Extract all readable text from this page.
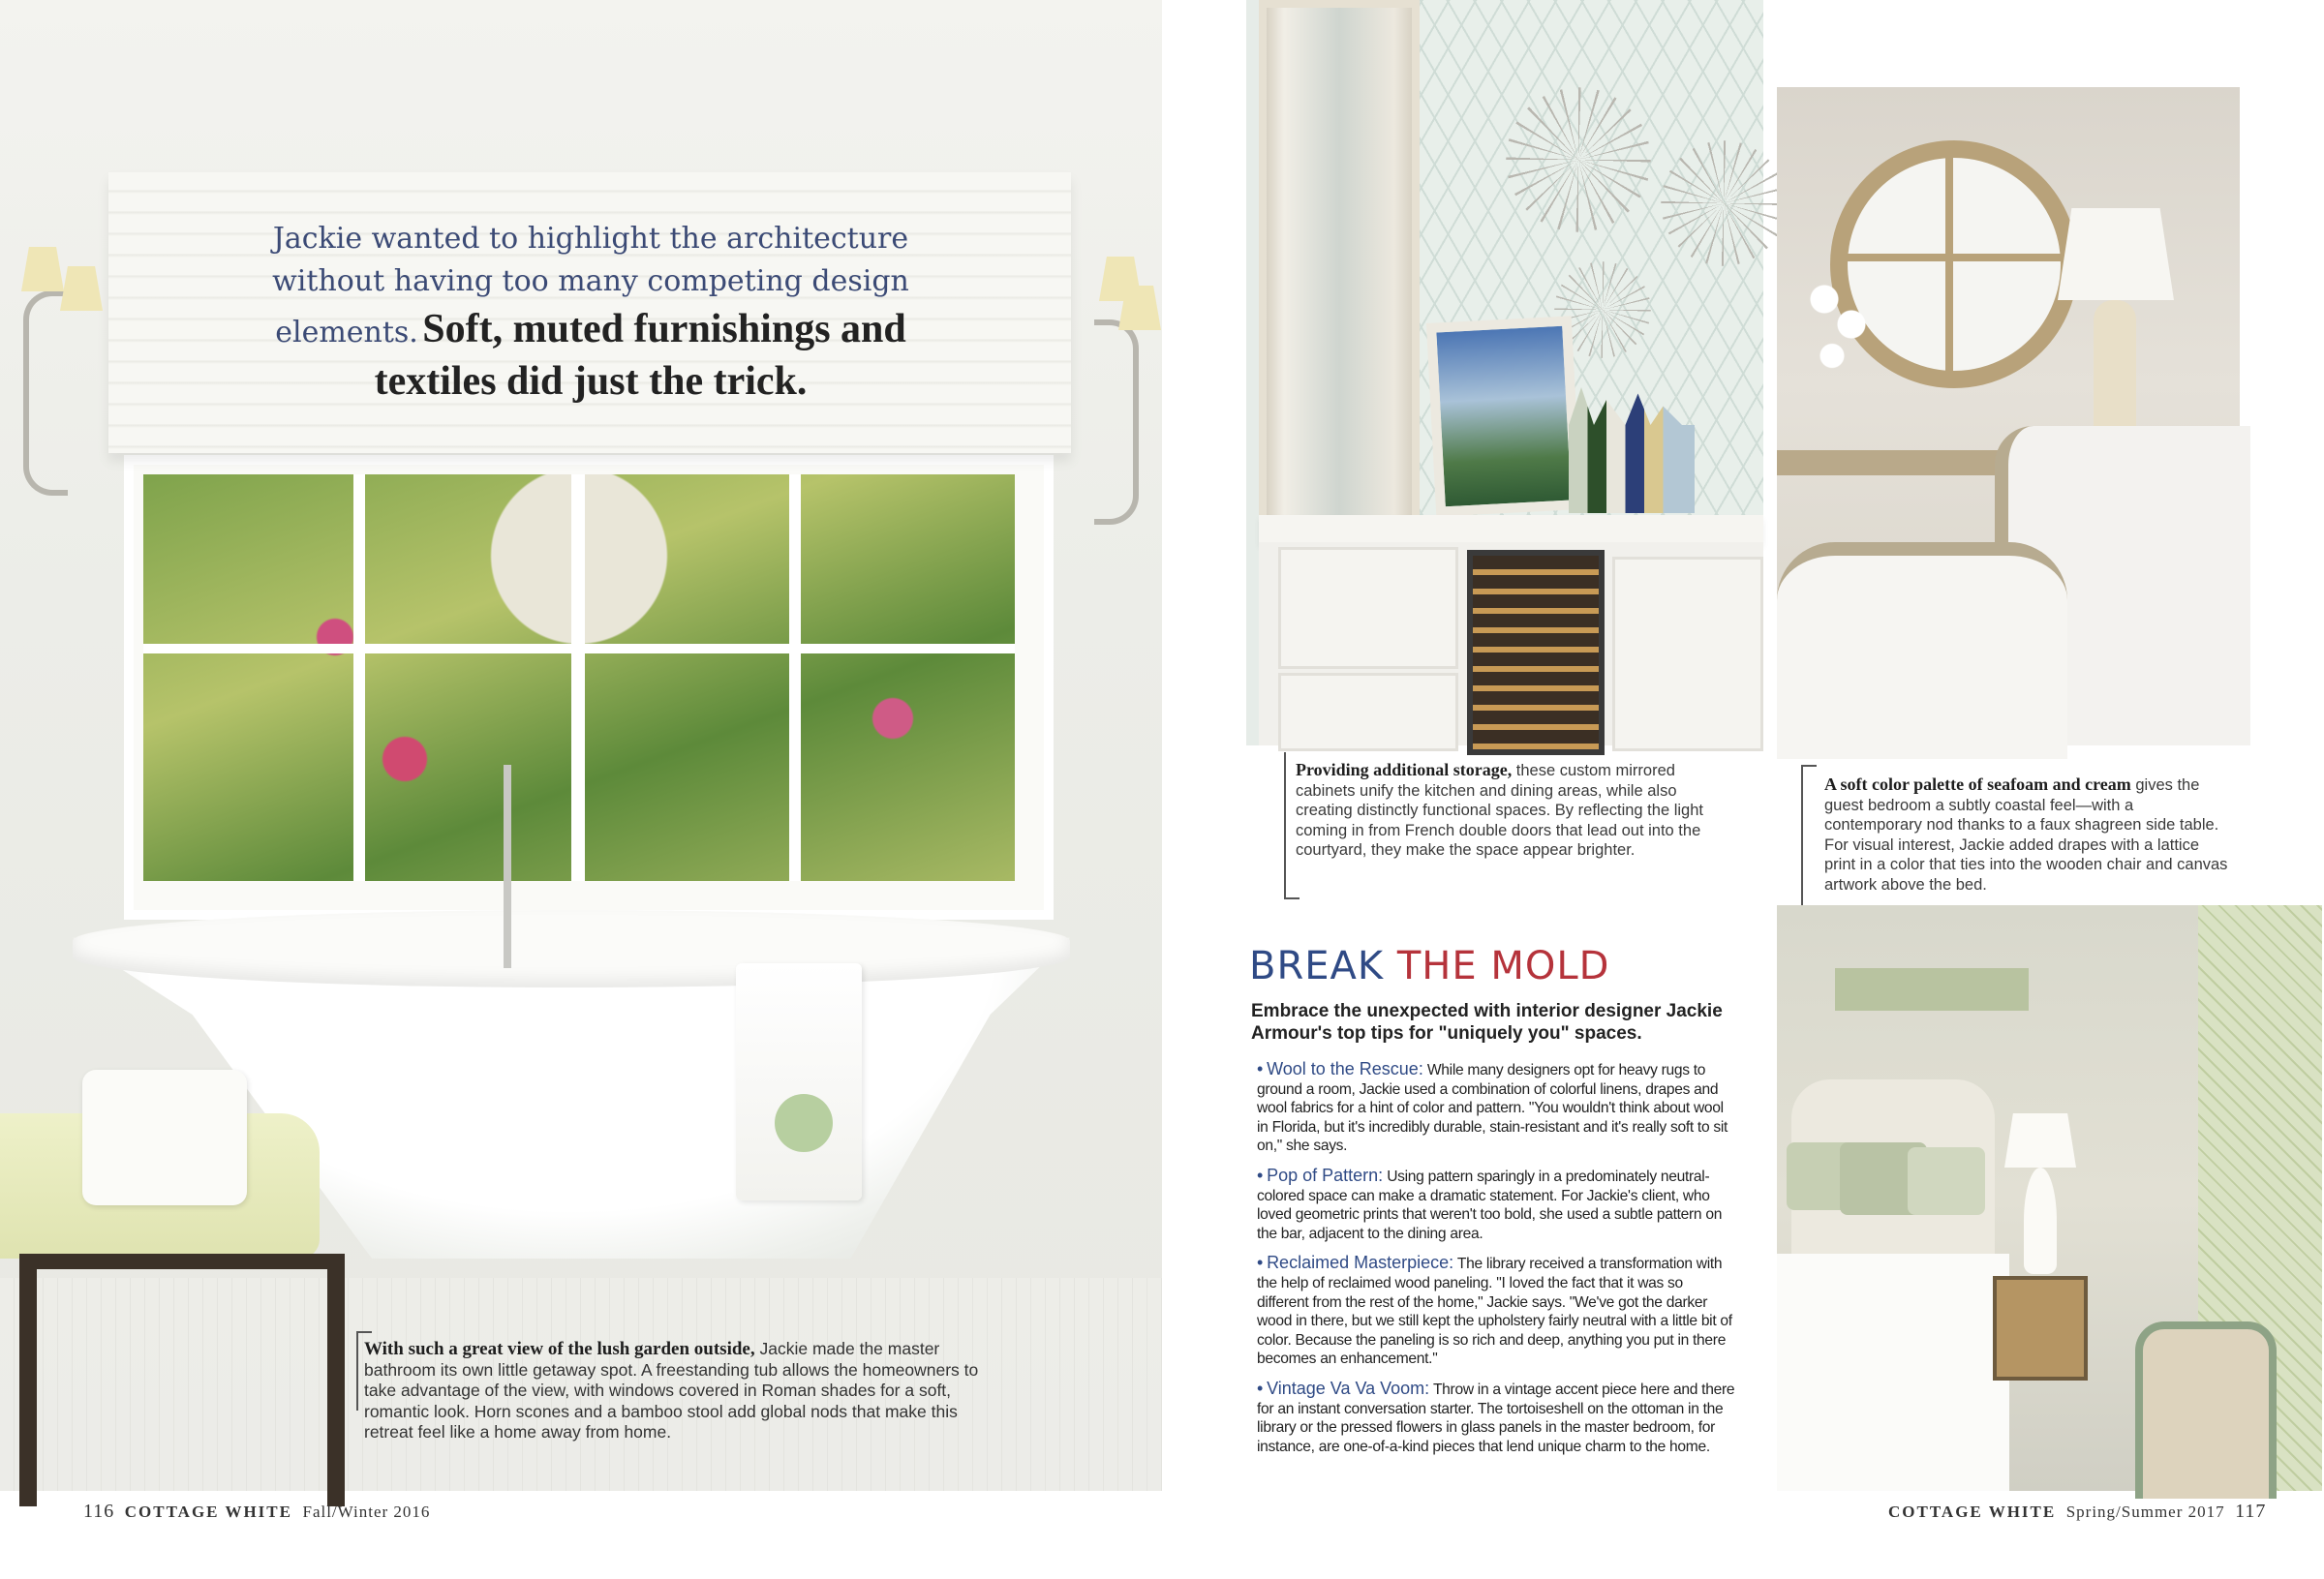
Jackie wanted to highlight the architecture without having too many competing design elements. Soft, muted furnishings and textiles did just the trick.
With such a great view of the lush garden outside, Jackie made the master bathroom its own little getaway spot. A freestanding tub allows the homeowners to take advantage of the view, with windows covered in Roman shades for a soft, romantic look. Horn scones and a bamboo stool add global nods that make this retreat feel like a home away from home.
116 COTTAGE WHITE Fall/Winter 2016
Providing additional storage, these custom mirrored cabinets unify the kitchen and dining areas, while also creating distinctly functional spaces. By reflecting the light coming in from French double doors that lead out into the courtyard, they make the space appear brighter.
A soft color palette of seafoam and cream gives the guest bedroom a subtly coastal feel—with a contemporary nod thanks to a faux shagreen side table. For visual interest, Jackie added drapes with a lattice print in a color that ties into the wooden chair and canvas artwork above the bed.
BREAK THE MOLD
Embrace the unexpected with interior designer Jackie Armour's top tips for "uniquely you" spaces.
• Wool to the Rescue: While many designers opt for heavy rugs to ground a room, Jackie used a combination of colorful linens, drapes and wool fabrics for a hint of color and pattern. "You wouldn't think about wool in Florida, but it's incredibly durable, stain-resistant and it's really soft to sit on," she says.
• Pop of Pattern: Using pattern sparingly in a predominately neutral-colored space can make a dramatic statement. For Jackie's client, who loved geometric prints that weren't too bold, she used a subtle pattern on the bar, adjacent to the dining area.
• Reclaimed Masterpiece: The library received a transformation with the help of reclaimed wood paneling. "I loved the fact that it was so different from the rest of the home," Jackie says. "We've got the darker wood in there, but we still kept the upholstery fairly neutral with a little bit of color. Because the paneling is so rich and deep, anything you put in there becomes an enhancement."
• Vintage Va Va Voom: Throw in a vintage accent piece here and there for an instant conversation starter. The tortoiseshell on the ottoman in the library or the pressed flowers in glass panels in the master bedroom, for instance, are one-of-a-kind pieces that lend unique charm to the home.
COTTAGE WHITE Spring/Summer 2017 117
